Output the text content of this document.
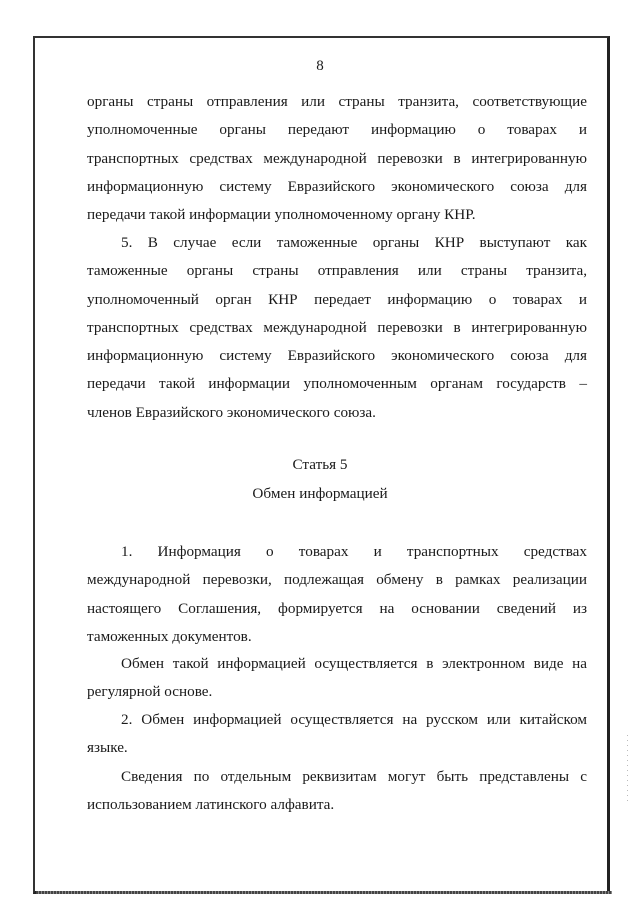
8
органы страны отправления или страны транзита, соответствующие
уполномоченные органы передают информацию о товарах и
транспортных средствах международной перевозки в интегрированную
информационную систему Евразийского экономического союза для
передачи такой информации уполномоченному органу КНР.
5. В случае если таможенные органы КНР выступают как
таможенные органы страны отправления или страны транзита,
уполномоченный орган КНР передает информацию о товарах и
транспортных средствах международной перевозки в интегрированную
информационную систему Евразийского экономического союза для
передачи такой информации уполномоченным органам государств –
членов Евразийского экономического союза.
Статья 5
Обмен информацией
1. Информация о товарах и транспортных средствах
международной перевозки, подлежащая обмену в рамках реализации
настоящего Соглашения, формируется на основании сведений из
таможенных документов.
Обмен такой информацией осуществляется в электронном виде на
регулярной основе.
2. Обмен информацией осуществляется на русском или китайском
языке.
Сведения по отдельным реквизитам могут быть представлены с
использованием латинского алфавита.
